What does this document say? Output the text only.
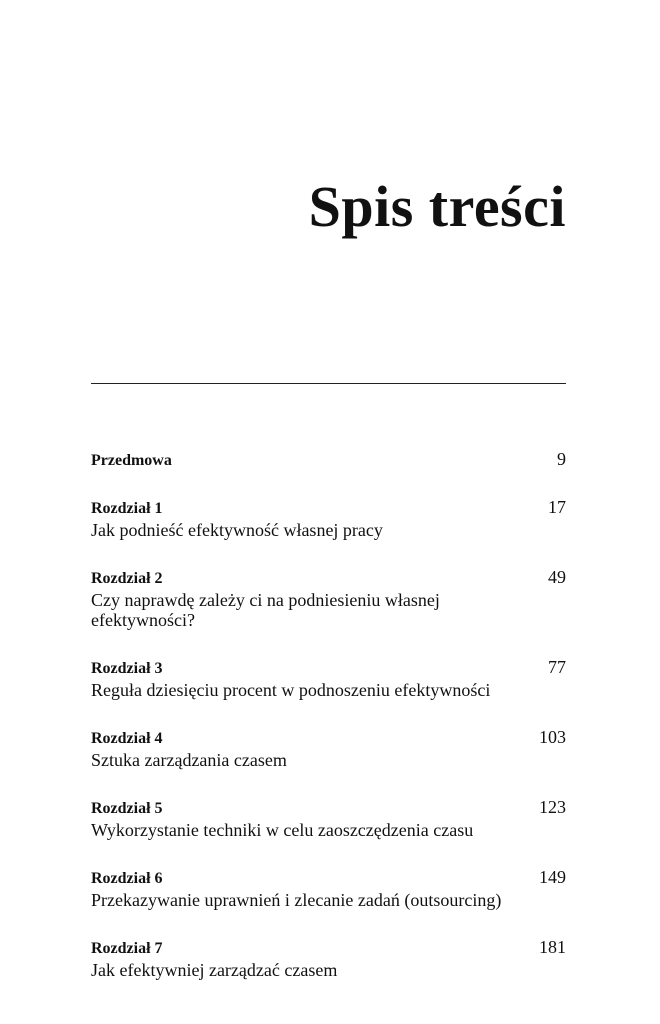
Spis treści
Przedmowa	9
Rozdział 1	17
Jak podnieść efektywność własnej pracy
Rozdział 2	49
Czy naprawdę zależy ci na podniesieniu własnej efektywności?
Rozdział 3	77
Reguła dziesięciu procent w podnoszeniu efektywności
Rozdział 4	103
Sztuka zarządzania czasem
Rozdział 5	123
Wykorzystanie techniki w celu zaoszczędzenia czasu
Rozdział 6	149
Przekazywanie uprawnień i zlecanie zadań (outsourcing)
Rozdział 7	181
Jak efektywniej zarządzać czasem
